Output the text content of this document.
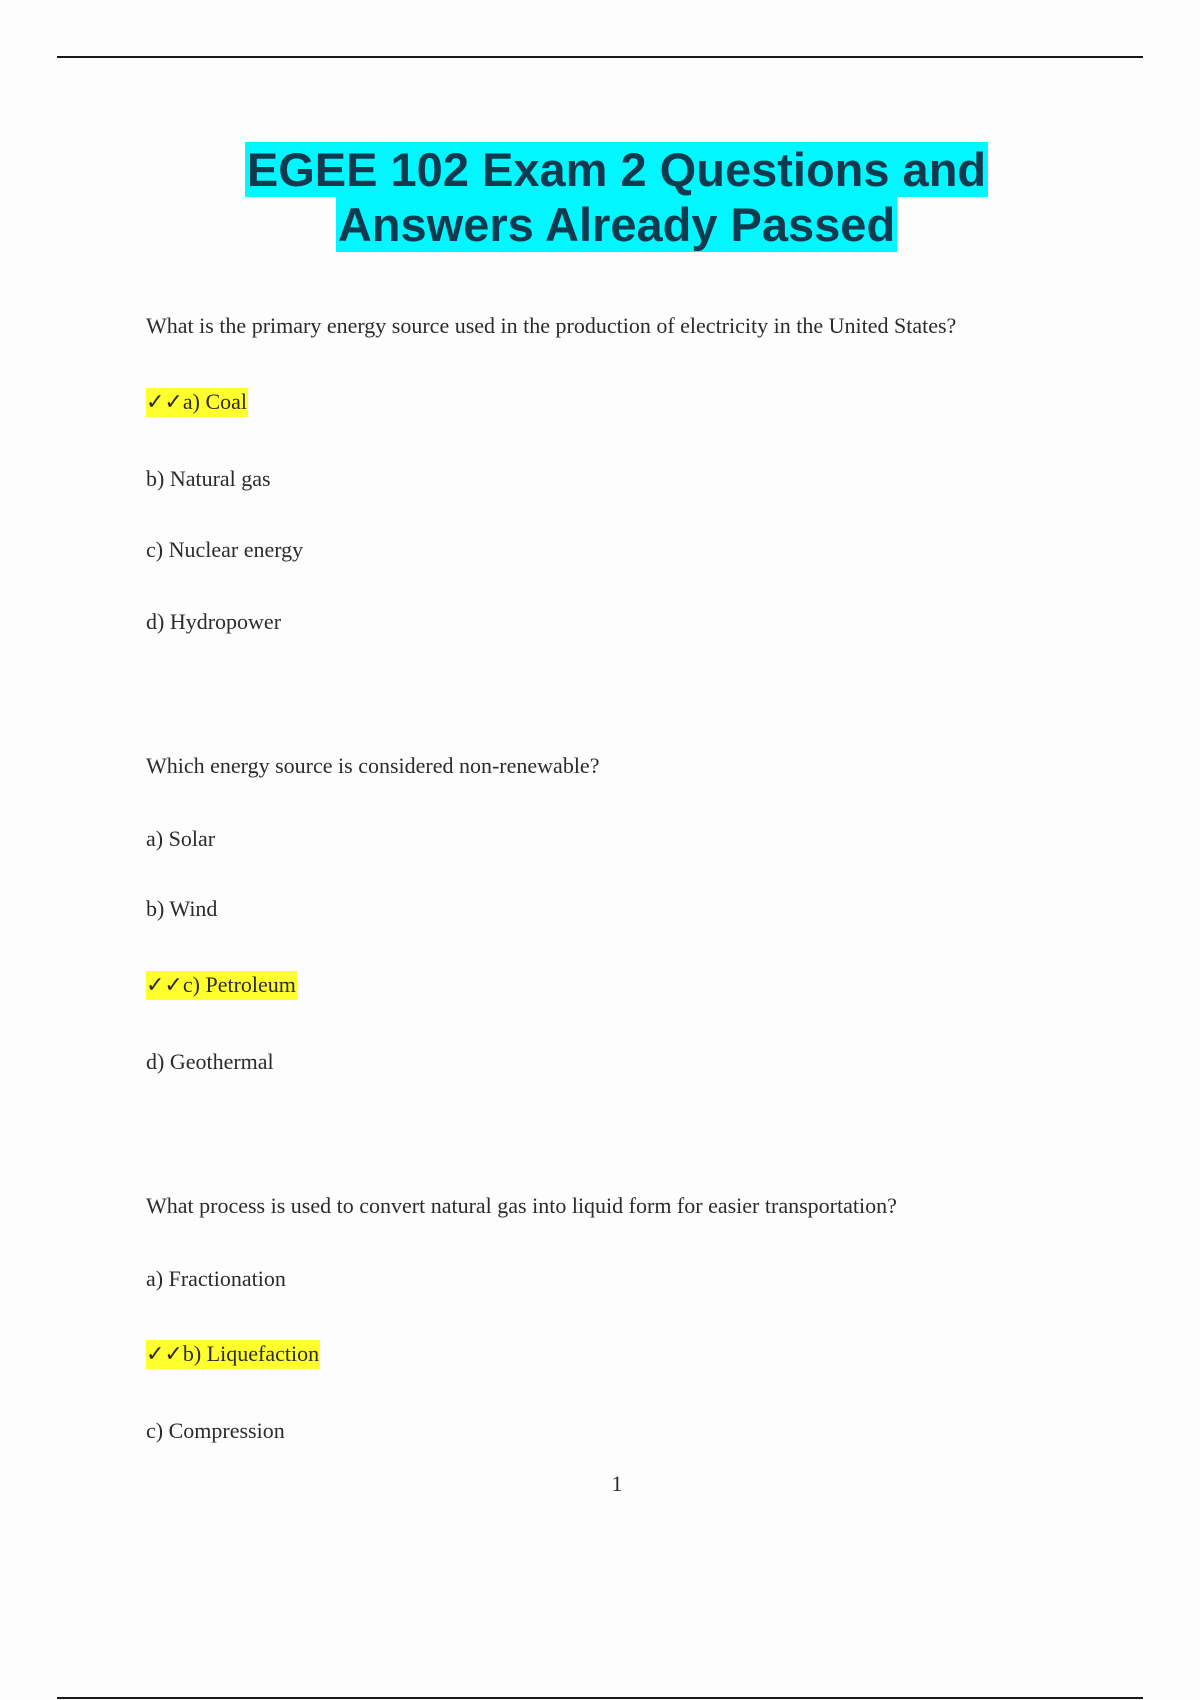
EGEE 102 Exam 2 Questions and
Answers Already Passed
What is the primary energy source used in the production of electricity in the United States?
✓✓a) Coal
b) Natural gas
c) Nuclear energy
d) Hydropower
Which energy source is considered non-renewable?
a) Solar
b) Wind
✓✓c) Petroleum
d) Geothermal
What process is used to convert natural gas into liquid form for easier transportation?
a) Fractionation
✓✓b) Liquefaction
c) Compression
1
